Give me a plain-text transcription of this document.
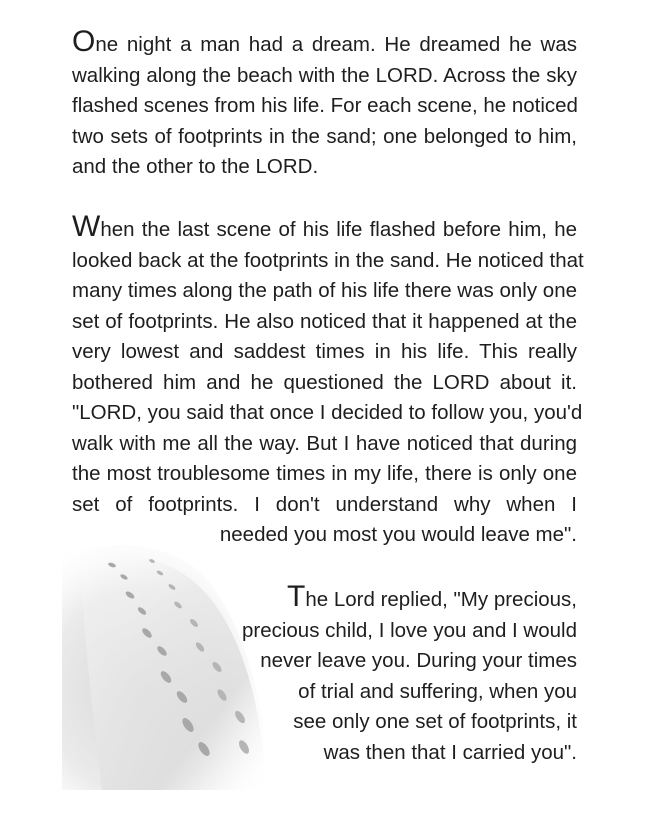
One night a man had a dream. He dreamed he was
walking along the beach with the LORD. Across the sky
flashed scenes from his life. For each scene, he noticed
two sets of footprints in the sand; one belonged to him,
and the other to the LORD.

When the last scene of his life flashed before him, he
looked back at the footprints in the sand. He noticed that
many times along the path of his life there was only one
set of footprints. He also noticed that it happened at the
very lowest and saddest times in his life. This really
bothered him and he questioned the LORD about it.
"LORD, you said that once I decided to follow you, you'd
walk with me all the way. But I have noticed that during
the most troublesome times in my life, there is only one
set of footprints. I don't understand why when I
needed you most you would leave me".

The Lord replied, "My precious,
precious child, I love you and I would
never leave you. During your times
of trial and suffering, when you
see only one set of footprints, it
was then that I carried you".
